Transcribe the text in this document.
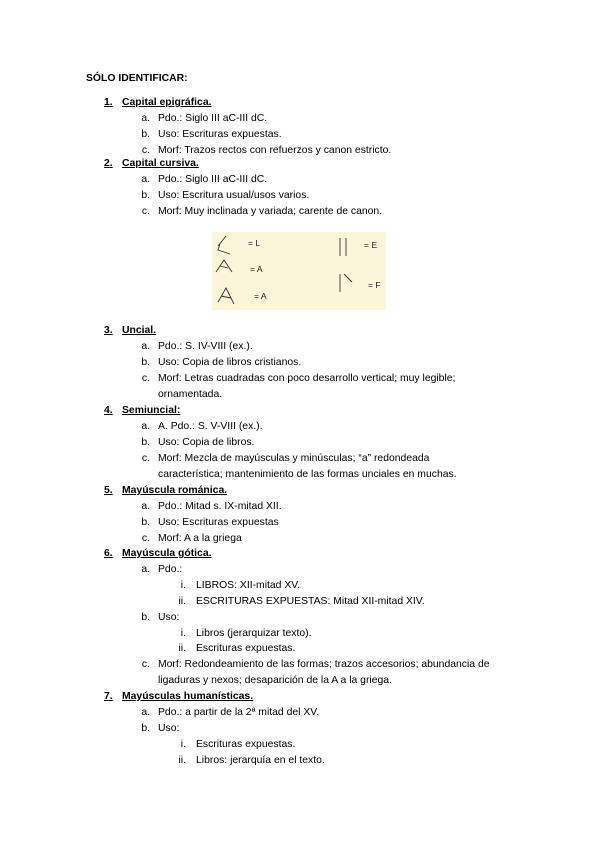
SÓLO IDENTIFICAR:
1. Capital epigráfica.
a. Pdo.: Siglo III aC-III dC.
b. Uso: Escrituras expuestas.
c. Morf: Trazos rectos con refuerzos y canon estricto.
2. Capital cursiva.
a. Pdo.: Siglo III aC-III dC.
b. Uso: Escritura usual/usos varios.
c. Morf: Muy inclinada y variada; carente de canon.
3. Uncial.
a. Pdo.: S. IV-VIII (ex.).
b. Uso: Copia de libros cristianos.
c. Morf: Letras cuadradas con poco desarrollo vertical; muy legible;
ornamentada.
4. Semiuncial:
a. A. Pdo.: S. V-VIII (ex.).
b. Uso: Copia de libros.
c. Morf: Mezcla de mayúsculas y minúsculas; “a” redondeada
característica; mantenimiento de las formas unciales en muchas.
5. Mayúscula románica.
a. Pdo.: Mitad s. IX-mitad XII.
b. Uso: Escrituras expuestas
c. Morf: A a la griega
6. Mayúscula gótica.
a. Pdo.:
i. LIBROS: XII-mitad XV.
ii. ESCRITURAS EXPUESTAS: Mitad XII-mitad XIV.
b. Uso:
i. Libros (jerarquizar texto).
ii. Escrituras expuestas.
c. Morf: Redondeamiento de las formas; trazos accesorios; abundancia de
ligaduras y nexos; desaparición de la A a la griega.
7. Mayúsculas humanísticas.
a. Pdo.: a partir de la 2ª mitad del XV.
b. Uso:
i. Escrituras expuestas.
ii. Libros: jerarquía en el texto.
= L
= A
= A
= E
= F
